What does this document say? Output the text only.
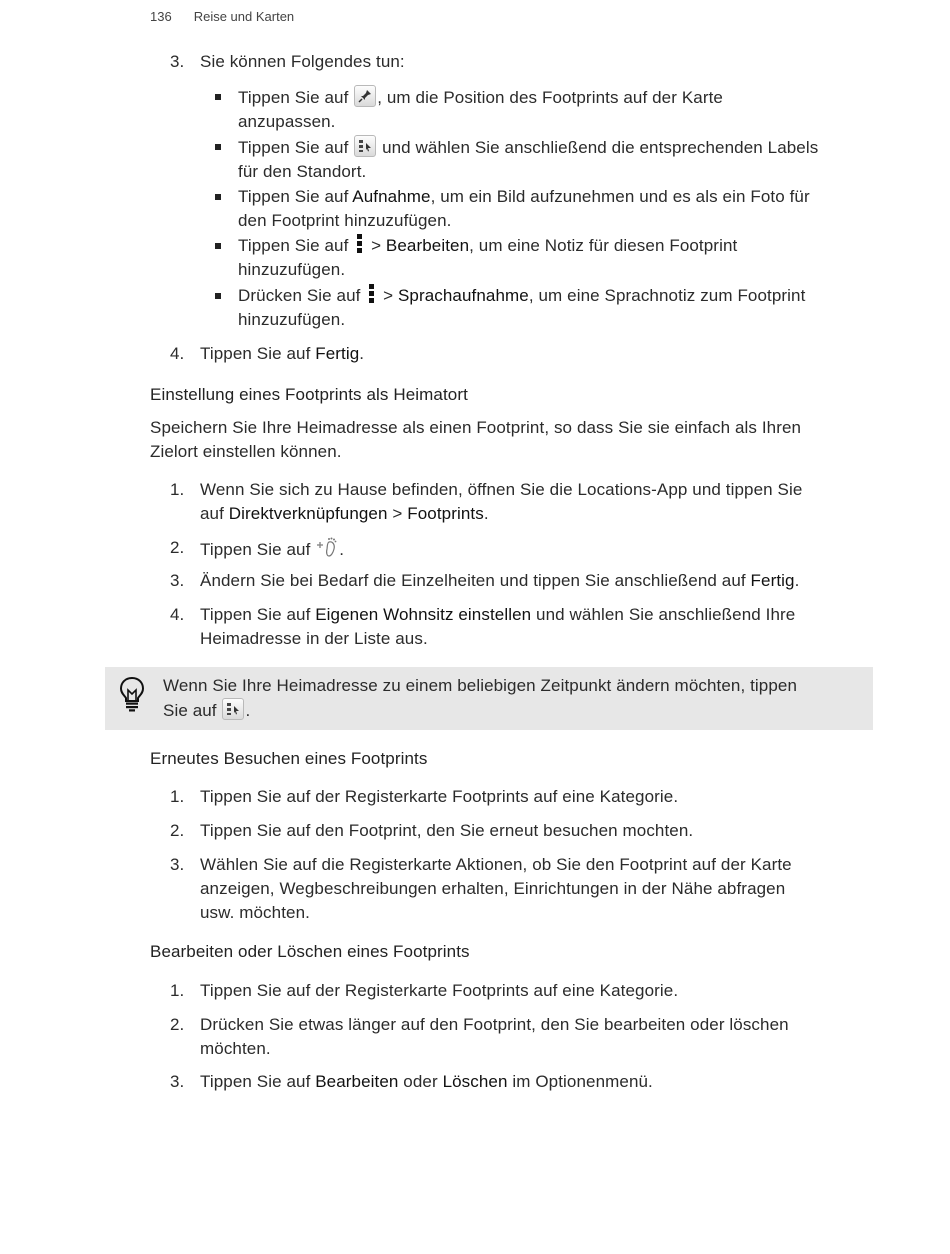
136 Reise und Karten
3. Sie können Folgendes tun:
Tippen Sie auf , um die Position des Footprints auf der Karte
anzupassen.
Tippen Sie auf und wählen Sie anschließend die entsprechenden Labels
für den Standort.
Tippen Sie auf Aufnahme, um ein Bild aufzunehmen und es als ein Foto für
den Footprint hinzuzufügen.
Tippen Sie auf > Bearbeiten, um eine Notiz für diesen Footprint
hinzuzufügen.
Drücken Sie auf > Sprachaufnahme, um eine Sprachnotiz zum Footprint
hinzuzufügen.
4. Tippen Sie auf Fertig.
Einstellung eines Footprints als Heimatort
Speichern Sie Ihre Heimadresse als einen Footprint, so dass Sie sie einfach als Ihren
Zielort einstellen können.
1. Wenn Sie sich zu Hause befinden, öffnen Sie die Locations-App und tippen Sie
auf Direktverknüpfungen > Footprints.
2. Tippen Sie auf .
3. Ändern Sie bei Bedarf die Einzelheiten und tippen Sie anschließend auf Fertig.
4. Tippen Sie auf Eigenen Wohnsitz einstellen und wählen Sie anschließend Ihre
Heimadresse in der Liste aus.
Wenn Sie Ihre Heimadresse zu einem beliebigen Zeitpunkt ändern möchten, tippen
Sie auf .
Erneutes Besuchen eines Footprints
1. Tippen Sie auf der Registerkarte Footprints auf eine Kategorie.
2. Tippen Sie auf den Footprint, den Sie erneut besuchen mochten.
3. Wählen Sie auf die Registerkarte Aktionen, ob Sie den Footprint auf der Karte
anzeigen, Wegbeschreibungen erhalten, Einrichtungen in der Nähe abfragen
usw. möchten.
Bearbeiten oder Löschen eines Footprints
1. Tippen Sie auf der Registerkarte Footprints auf eine Kategorie.
2. Drücken Sie etwas länger auf den Footprint, den Sie bearbeiten oder löschen
möchten.
3. Tippen Sie auf Bearbeiten oder Löschen im Optionenmenü.
